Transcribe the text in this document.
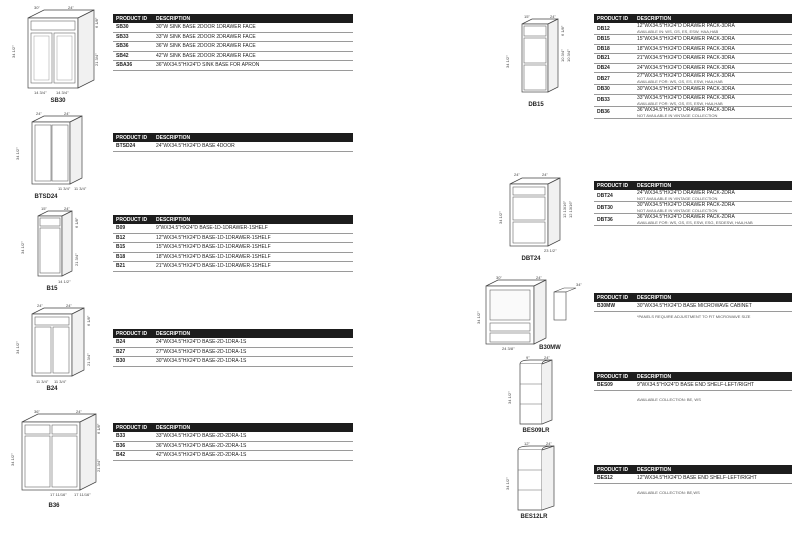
30"	24"
34 1/2"
6 1/8"
21 3/4"
14 3/4" 14 3/4"
SB30
PRODUCT ID	DESCRIPTION
SB30	30"W SINK BASE 2DOOR 1DRAWER FACE
SB33	33"W SINK BASE 2DOOR 2DRAWER FACE
SB36	36"W SINK BASE 2DOOR 2DRAWER FACE
SB42	42"W SINK BASE 2DOOR 2DRAWER FACE
SBA36	36"WX34.5"HX24"D SINK BASE FOR APRON
24"	24"
34 1/2"
11 3/4" 11 3/4"
BTSD24
PRODUCT ID	DESCRIPTION
BTSD24	24"WX34.5"HX24"D BASE 4DOOR
15"	24"
34 1/2"
6 1/8"
21 3/4"
14 1/2"
B15
PRODUCT ID	DESCRIPTION
B09	9"WX34.5"HX24"D BASE-1D-1DRAWER-1SHELF
B12	12"WX34.5"HX24"D BASE-1D-1DRAWER-1SHELF
B15	15"WX34.5"HX24"D BASE-1D-1DRAWER-1SHELF
B18	18"WX34.5"HX24"D BASE-1D-1DRAWER-1SHELF
B21	21"WX34.5"HX24"D BASE-1D-1DRAWER-1SHELF
24"	24"
34 1/2"
6 1/8"
21 3/4"
11 3/4" 11 3/4"
B24
PRODUCT ID	DESCRIPTION
B24	24"WX34.5"HX24"D BASE-2D-1DRA-1S
B27	27"WX34.5"HX24"D BASE-2D-1DRA-1S
B30	30"WX34.5"HX24"D BASE-2D-1DRA-1S
36"	24"
34 1/2"
6 1/8"
21 3/4"
17 11/16" 17 11/16"
B36
PRODUCT ID	DESCRIPTION
B33	33"WX34.5"HX24"D BASE-2D-2DRA-1S
B36	36"WX34.5"HX24"D BASE-2D-2DRA-1S
B42	42"WX34.5"HX24"D BASE-2D-2DRA-1S
15"	24"
34 1/2"
6 1/8"
10 3/4" 10 3/4"
DB15
PRODUCT ID	DESCRIPTION
DB12	12"WX34.5"HX24"D DRAWER PACK-3DRA
AVAILABLE IN: WS, GS, ES, ESW, HAA,HAB
DB15	15"WX34.5"HX24"D DRAWER PACK-3DRA
DB18	18"WX34.5"HX24"D DRAWER PACK-3DRA
DB21	21"WX34.5"HX24"D DRAWER PACK-3DRA
DB24	24"WX34.5"HX24"D DRAWER PACK-3DRA
DB27	27"WX34.5"HX24"D DRAWER PACK-3DRA
AVAILABLE FOR: WS, GS, ES, ESW, HAA,HAB
DB30	30"WX34.5"HX24"D DRAWER PACK-3DRA
DB33	33"WX34.5"HX24"D DRAWER PACK-3DRA
AVAILABLE FOR: WS, GS, ES, ESW, HAA,HAB
DB36	36"WX34.5"HX24"D DRAWER PACK-3DRA
NOT AVAILABLE IN VINTAGE COLLECTION
24"	24"
34 1/2"	12 13/16" 12 13/16"
23 1/2"
DBT24
PRODUCT ID	DESCRIPTION
DBT24	24"WX34.5"HX24"D DRAWER PACK-2DRA
NOT AVAILABLE IN VINTAGE COLLECTION
DBT30	30"WX34.5"HX24"D DRAWER PACK-2DRA
NOT AVAILABLE IN VINTAGE COLLECTION
DBT36	36"WX34.5"HX24"D DRAWER PACK-2DRA
AVAILABLE FOR: WS, GS, ES, ESW, ESG, ESDESW, HAA,HAB
30"	24"
34 1/2"
34"
24 3/8"	B30MW
PRODUCT ID	DESCRIPTION
B30MW	30"WX34.5"HX24"D BASE MICROWAVE CABINET
*PANELS REQUIRE ADJUSTMENT TO FIT MICROWAVE SIZE
9"	24"
34 1/2"
BES09LR
PRODUCT ID	DESCRIPTION
BES09	9"WX34.5"HX24"D BASE END SHELF-LEFT/RIGHT
AVAILABLE COLLECTION: BE, WS
12"	24"
34 1/2"
BES12LR
PRODUCT ID	DESCRIPTION
BES12	12"WX34.5"HX24"D BASE END SHELF-LEFT/RIGHT
AVAILABLE COLLECTION: BE,WS
